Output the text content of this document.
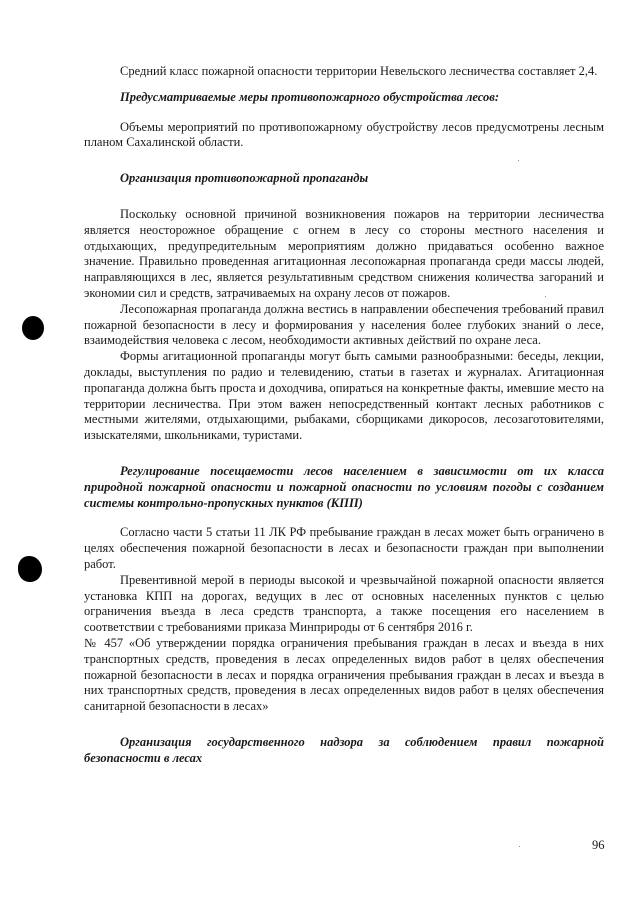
Средний класс пожарной опасности территории Невельского лесничества составляет 2,4.

Предусматриваемые меры противопожарного обустройства лесов:

Объемы мероприятий по противопожарному обустройству лесов предусмотрены лесным планом Сахалинской области.

Организация противопожарной пропаганды

Поскольку основной причиной возникновения пожаров на территории лесничества является неосторожное обращение с огнем в лесу со стороны местного населения и отдыхающих, предупредительным мероприятиям должно придаваться особенно важное значение. Правильно проведенная агитационная лесопожарная пропаганда среди массы людей, направляющихся в лес, является результативным средством снижения количества загораний и экономии сил и средств, затрачиваемых на охрану лесов от пожаров.

Лесопожарная пропаганда должна вестись в направлении обеспечения требований правил пожарной безопасности в лесу и формирования у населения более глубоких знаний о лесе, взаимодействия человека с лесом, необходимости активных действий по охране леса.

Формы агитационной пропаганды могут быть самыми разнообразными: беседы, лекции, доклады, выступления по радио и телевидению, статьи в газетах и журналах. Агитационная пропаганда должна быть проста и доходчива, опираться на конкретные факты, имевшие место на территории лесничества. При этом важен непосредственный контакт лесных работников с местными жителями, отдыхающими, рыбаками, сборщиками дикоросов, лесозаготовителями, изыскателями, школьниками, туристами.

Регулирование посещаемости лесов населением в зависимости от их класса природной пожарной опасности и пожарной опасности по условиям погоды с созданием системы контрольно-пропускных пунктов (КПП)

Согласно части 5 статьи 11 ЛК РФ пребывание граждан в лесах может быть ограничено в целях обеспечения пожарной безопасности в лесах и безопасности граждан при выполнении работ.

Превентивной мерой в периоды высокой и чрезвычайной пожарной опасности является установка КПП на дорогах, ведущих в лес от основных населенных пунктов с целью ограничения въезда в леса средств транспорта, а также посещения его населением в соответствии с требованиями приказа Минприроды от 6 сентября 2016 г.

№ 457 «Об утверждении порядка ограничения пребывания граждан в лесах и въезда в них транспортных средств, проведения в лесах определенных видов работ в целях обеспечения пожарной безопасности в лесах и порядка ограничения пребывания граждан в лесах и въезда в них транспортных средств, проведения в лесах определенных видов работ в целях обеспечения санитарной безопасности в лесах»

Организация государственного надзора за соблюдением правил пожарной безопасности в лесах

96
